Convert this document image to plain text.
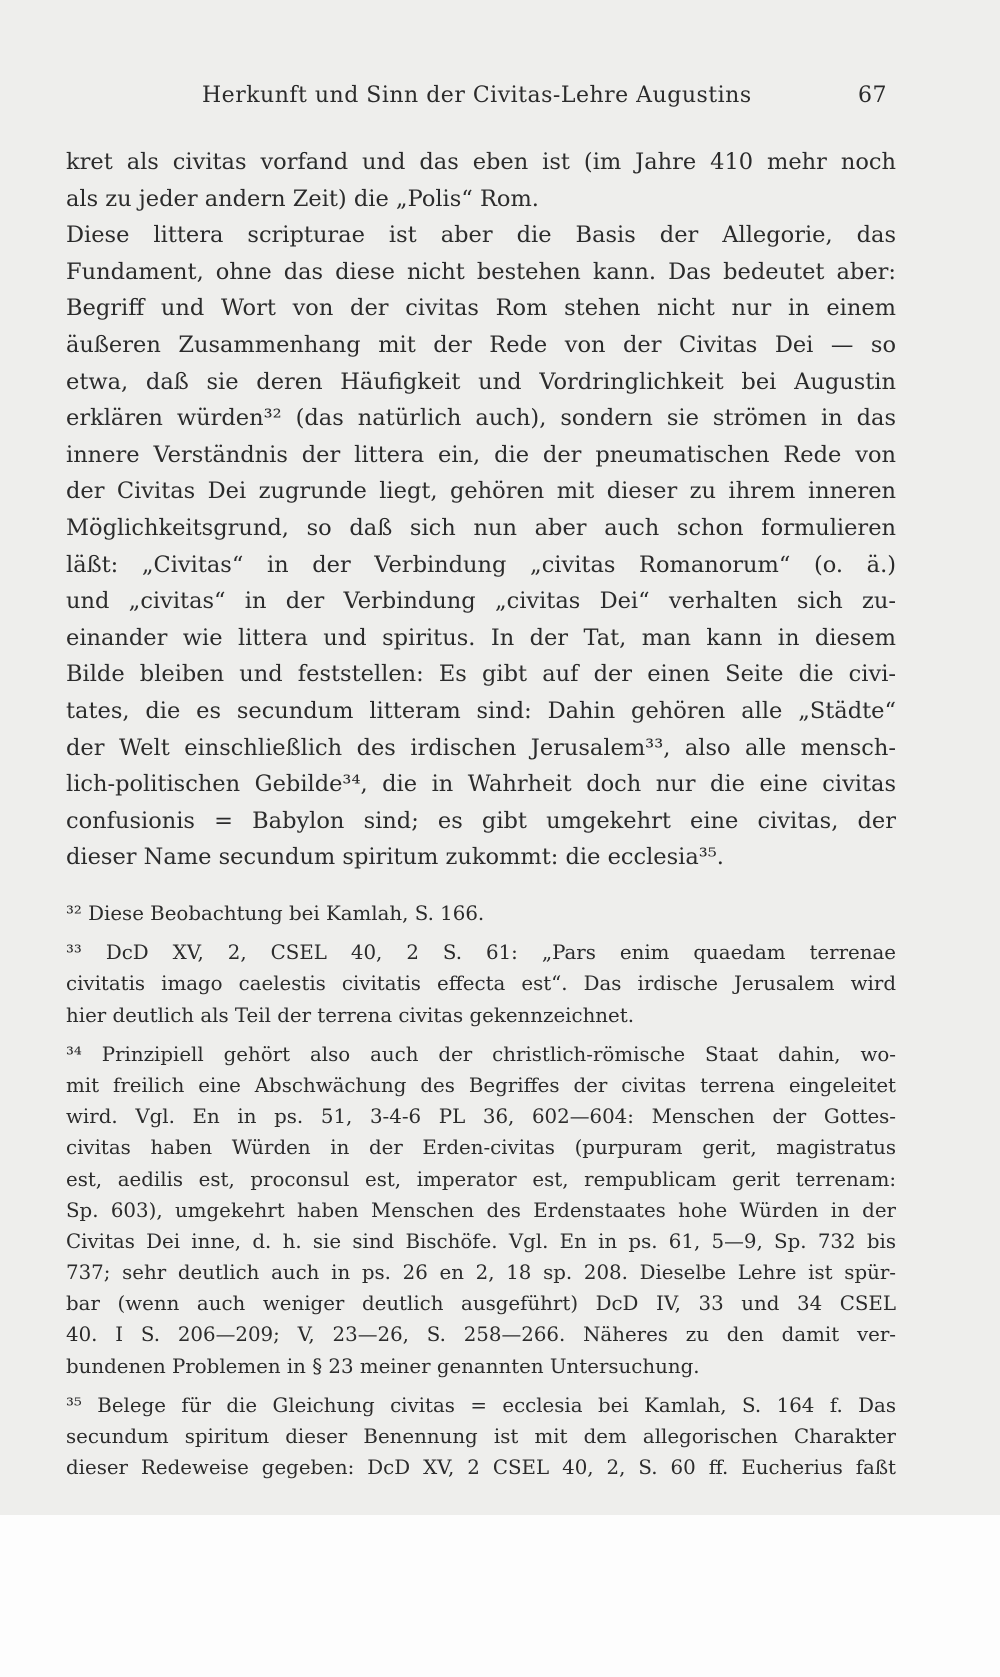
Herkunft und Sinn der Civitas-Lehre Augustins	67
kret als civitas vorfand und das eben ist (im Jahre 410 mehr noch
als zu jeder andern Zeit) die „Polis“ Rom.
Diese littera scripturae ist aber die Basis der Allegorie, das
Fundament, ohne das diese nicht bestehen kann. Das bedeutet aber:
Begriff und Wort von der civitas Rom stehen nicht nur in einem
äußeren Zusammenhang mit der Rede von der Civitas Dei — so
etwa, daß sie deren Häufigkeit und Vordringlichkeit bei Augustin
erklären würden³² (das natürlich auch), sondern sie strömen in das
innere Verständnis der littera ein, die der pneumatischen Rede von
der Civitas Dei zugrunde liegt, gehören mit dieser zu ihrem inneren
Möglichkeitsgrund, so daß sich nun aber auch schon formulieren
läßt: „Civitas“ in der Verbindung „civitas Romanorum“ (o. ä.)
und „civitas“ in der Verbindung „civitas Dei“ verhalten sich zu-
einander wie littera und spiritus. In der Tat, man kann in diesem
Bilde bleiben und feststellen: Es gibt auf der einen Seite die civi-
tates, die es secundum litteram sind: Dahin gehören alle „Städte“
der Welt einschließlich des irdischen Jerusalem³³, also alle mensch-
lich-politischen Gebilde³⁴, die in Wahrheit doch nur die eine civitas
confusionis = Babylon sind; es gibt umgekehrt eine civitas, der
dieser Name secundum spiritum zukommt: die ecclesia³⁵.
³² Diese Beobachtung bei Kamlah, S. 166.
³³ DcD XV, 2, CSEL 40, 2 S. 61: „Pars enim quaedam terrenae
civitatis imago caelestis civitatis effecta est“. Das irdische Jerusalem wird
hier deutlich als Teil der terrena civitas gekennzeichnet.
³⁴ Prinzipiell gehört also auch der christlich-römische Staat dahin, wo-
mit freilich eine Abschwächung des Begriffes der civitas terrena eingeleitet
wird. Vgl. En in ps. 51, 3-4-6 PL 36, 602—604: Menschen der Gottes-
civitas haben Würden in der Erden-civitas (purpuram gerit, magistratus
est, aedilis est, proconsul est, imperator est, rempublicam gerit terrenam:
Sp. 603), umgekehrt haben Menschen des Erdenstaates hohe Würden in der
Civitas Dei inne, d. h. sie sind Bischöfe. Vgl. En in ps. 61, 5—9, Sp. 732 bis
737; sehr deutlich auch in ps. 26 en 2, 18 sp. 208. Dieselbe Lehre ist spür-
bar (wenn auch weniger deutlich ausgeführt) DcD IV, 33 und 34 CSEL
40. I S. 206—209; V, 23—26, S. 258—266. Näheres zu den damit ver-
bundenen Problemen in § 23 meiner genannten Untersuchung.
³⁵ Belege für die Gleichung civitas = ecclesia bei Kamlah, S. 164 f. Das
secundum spiritum dieser Benennung ist mit dem allegorischen Charakter
dieser Redeweise gegeben: DcD XV, 2 CSEL 40, 2, S. 60 ff. Eucherius faßt
